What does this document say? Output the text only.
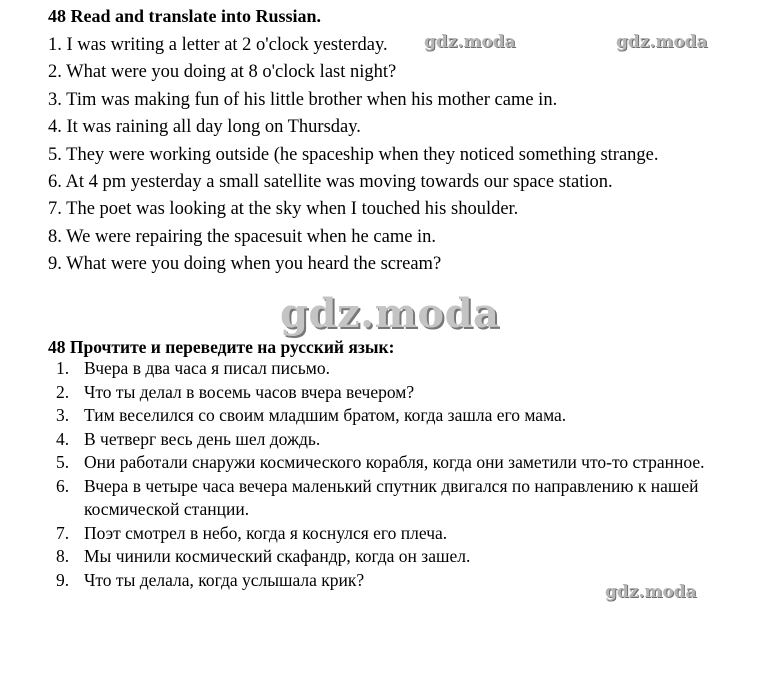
48 Read and translate into Russian.
1. I was writing a letter at 2 o'clock yesterday.
2. What were you doing at 8 o'clock last night?
3. Tim was making fun of his little brother when his mother came in.
4. It was raining all day long on Thursday.
5. They were working outside (he spaceship when they noticed something strange.
6. At 4 pm yesterday a small satellite was moving towards our space station.
7. The poet was looking at the sky when I touched his shoulder.
8. We were repairing the spacesuit when he came in.
9. What were you doing when you heard the scream?
48 Прочтите и переведите на русский язык:
1. Вчера в два часа я писал письмо.
2. Что ты делал в восемь часов вчера вечером?
3. Тим веселился со своим младшим братом, когда зашла его мама.
4. В четверг весь день шел дождь.
5. Они работали снаружи космического корабля, когда они заметили что-то странное.
6. Вчера в четыре часа вечера маленький спутник двигался по направлению к нашей космической станции.
7. Поэт смотрел в небо, когда я коснулся его плеча.
8. Мы чинили космический скафандр, когда он зашел.
9. Что ты делала, когда услышала крик?
gdz.moda	gdz.moda
gdz.moda
gdz.moda
